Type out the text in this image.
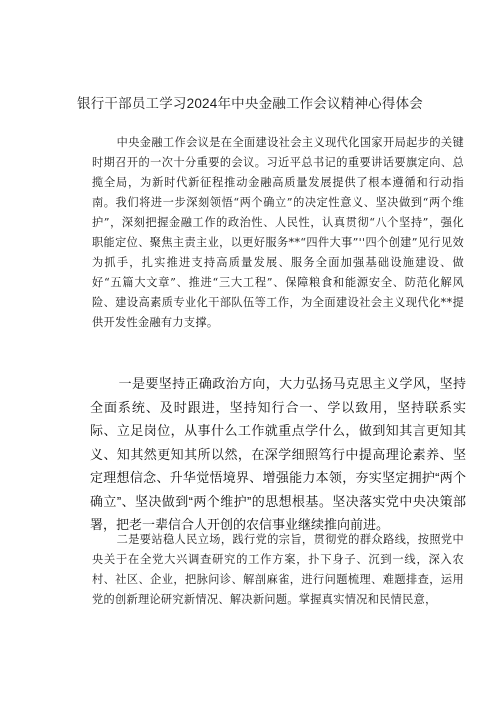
银行干部员工学习2024年中央金融工作会议精神心得体会

中央金融工作会议是在全面建设社会主义现代化国家开局起步的关键时期召开的一次十分重要的会议。习近平总书记的重要讲话要旗定向、总揽全局，为新时代新征程推动金融高质量发展提供了根本遵循和行动指南。我们将进一步深刻领悟“两个确立”的决定性意义、坚决做到“两个维护”，深刻把握金融工作的政治性、人民性，认真贯彻“八个坚持”，强化职能定位、聚焦主责主业，以更好服务**“四件大事”''四个创建”见行见效为抓手，扎实推进支持高质量发展、服务全面加强基础设施建设、做好“五篇大文章”、推进“三大工程”、保障粮食和能源安全、防范化解风险、建设高素质专业化干部队伍等工作，为全面建设社会主义现代化**提供开发性金融有力支撑。

一是要坚持正确政治方向，大力弘扬马克思主义学风，坚持全面系统、及时跟进，坚持知行合一、学以致用，坚持联系实际、立足岗位，从事什么工作就重点学什么，做到知其言更知其义、知其然更知其所以然，在深学细照笃行中提高理论素养、坚定理想信念、升华觉悟境界、增强能力本领，夯实坚定拥护“两个确立”、坚决做到“两个维护”的思想根基。坚决落实党中央决策部署，把老一辈信合人开创的农信事业继续推向前进。

二是要站稳人民立场，践行党的宗旨，贯彻党的群众路线，按照党中央关于在全党大兴调查研究的工作方案，扑下身子、沉到一线，深入农村、社区、企业，把脉问诊、解剖麻雀，进行问题梳理、难题排查，运用党的创新理论研究新情况、解决新问题。掌握真实情况和民情民意，
